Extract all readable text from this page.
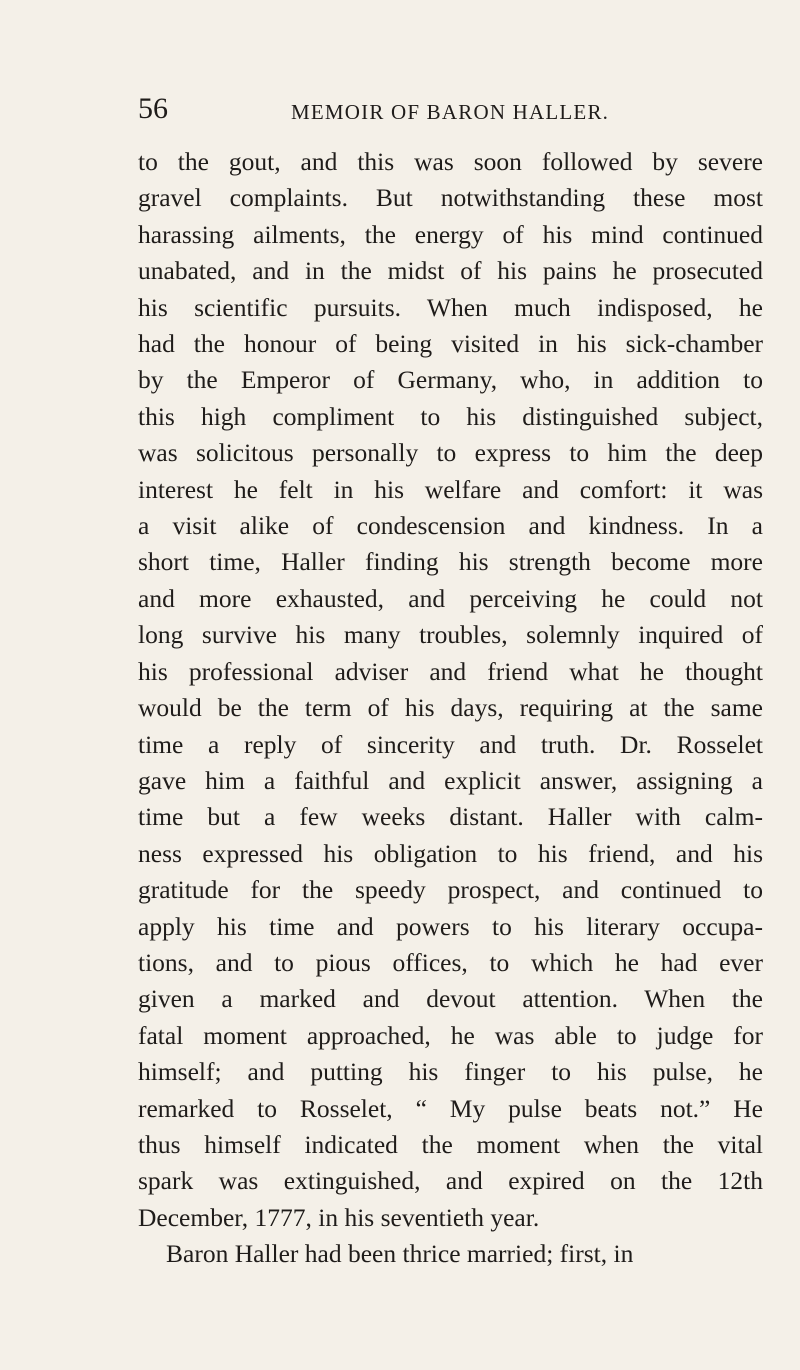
56	MEMOIR OF BARON HALLER.
to the gout, and this was soon followed by severe
gravel complaints. But notwithstanding these most
harassing ailments, the energy of his mind continued
unabated, and in the midst of his pains he prosecuted
his scientific pursuits. When much indisposed, he
had the honour of being visited in his sick-chamber
by the Emperor of Germany, who, in addition to
this high compliment to his distinguished subject,
was solicitous personally to express to him the deep
interest he felt in his welfare and comfort: it was
a visit alike of condescension and kindness. In a
short time, Haller finding his strength become more
and more exhausted, and perceiving he could not
long survive his many troubles, solemnly inquired of
his professional adviser and friend what he thought
would be the term of his days, requiring at the same
time a reply of sincerity and truth. Dr. Rosselet
gave him a faithful and explicit answer, assigning a
time but a few weeks distant. Haller with calm-
ness expressed his obligation to his friend, and his
gratitude for the speedy prospect, and continued to
apply his time and powers to his literary occupa-
tions, and to pious offices, to which he had ever
given a marked and devout attention. When the
fatal moment approached, he was able to judge for
himself; and putting his finger to his pulse, he
remarked to Rosselet, “ My pulse beats not.” He
thus himself indicated the moment when the vital
spark was extinguished, and expired on the 12th
December, 1777, in his seventieth year.
Baron Haller had been thrice married; first, in
